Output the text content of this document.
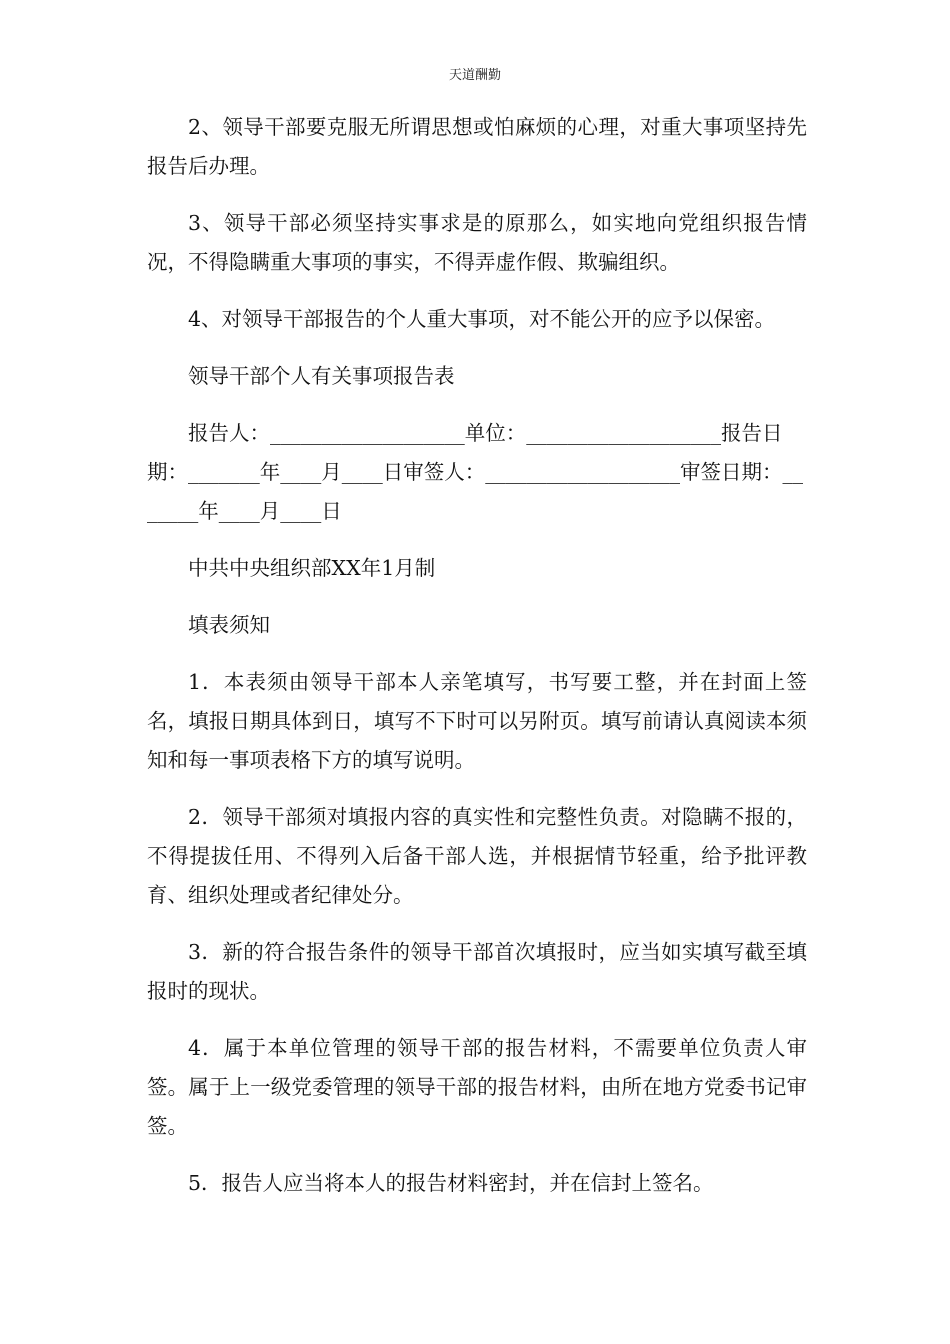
天道酬勤

2、领导干部要克服无所谓思想或怕麻烦的心理，对重大事项坚持先报告后办理。

3、领导干部必须坚持实事求是的原那么，如实地向党组织报告情况，不得隐瞒重大事项的事实，不得弄虚作假、欺骗组织。

4、对领导干部报告的个人重大事项，对不能公开的应予以保密。

领导干部个人有关事项报告表

报告人：___________________单位：___________________报告日期：_______年____月____日审签人：___________________审签日期：_______年____月____日

中共中央组织部XX年1月制

填表须知

1．本表须由领导干部本人亲笔填写，书写要工整，并在封面上签名，填报日期具体到日，填写不下时可以另附页。填写前请认真阅读本须知和每一事项表格下方的填写说明。

2．领导干部须对填报内容的真实性和完整性负责。对隐瞒不报的，不得提拔任用、不得列入后备干部人选，并根据情节轻重，给予批评教育、组织处理或者纪律处分。

3．新的符合报告条件的领导干部首次填报时，应当如实填写截至填报时的现状。

4．属于本单位管理的领导干部的报告材料，不需要单位负责人审签。属于上一级党委管理的领导干部的报告材料，由所在地方党委书记审签。

5．报告人应当将本人的报告材料密封，并在信封上签名。
